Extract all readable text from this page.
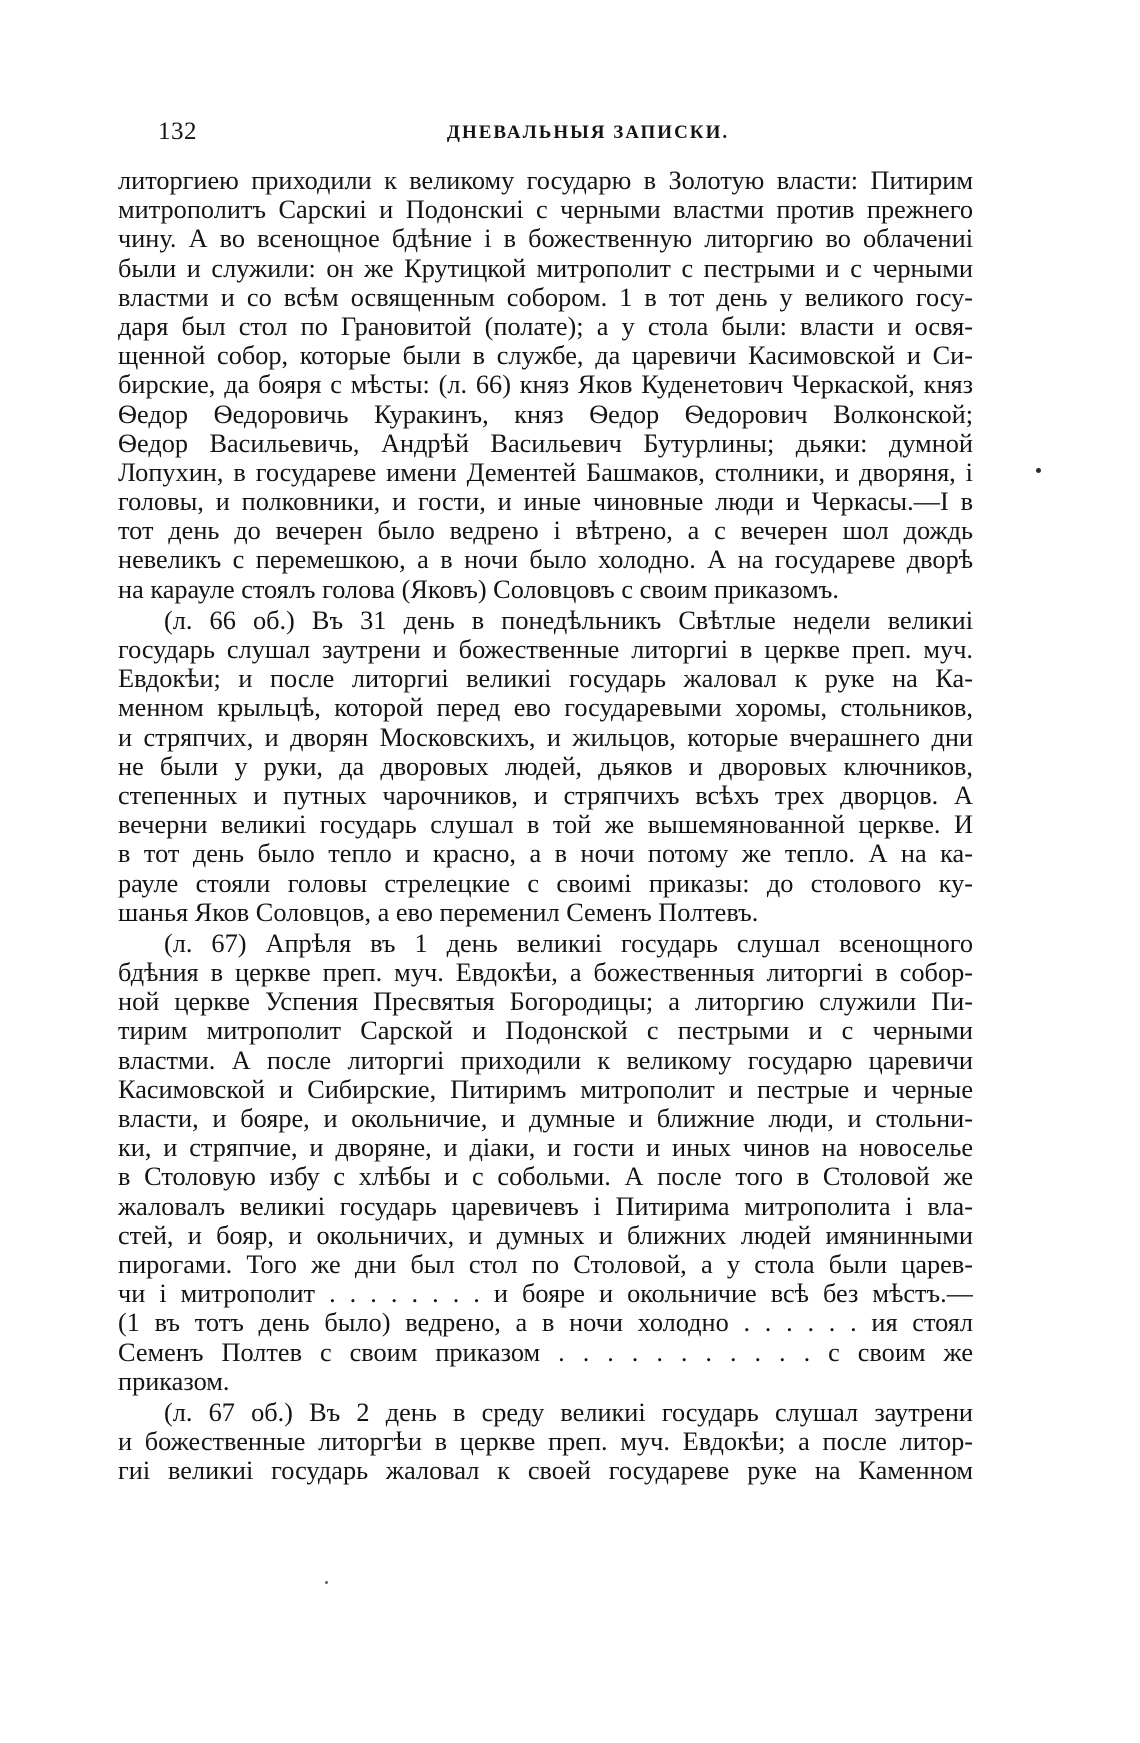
132	ДНЕВАЛЬНЫЯ ЗАПИСКИ.
литоргиею приходили к великому государю в Золотую власти: Питирим
митрополитъ Сарскиі и Подонскиі с черными властми против прежнего
чину. А во всенощное бдѣние і в божественную литоргию во облачениі
были и служили: он же Крутицкой митрополит с пестрыми и с черными
властми и со всѣм освященным собором. 1 в тот день у великого госу-
даря был стол по Грановитой (полате); а у стола были: власти и освя-
щенной собор, которые были в службе, да царевичи Касимовской и Си-
бирские, да бояря с мѣсты: (л. 66) княз Яков Куденетович Черкаской, княз
Ѳедор Ѳедоровичь Куракинъ, княз Ѳедор Ѳедорович Волконской;
Ѳедор Васильевичь, Андрѣй Васильевич Бутурлины; дьяки: думной
Лопухин, в государеве имени Дементей Башмаков, столники, и дворяня, і
головы, и полковники, и гости, и иные чиновные люди и Черкасы.—І в
тот день до вечерен было ведрено і вѣтрено, а с вечерен шол дождь
невеликъ с перемешкою, а в ночи было холодно. А на государеве дворѣ
на карауле стоялъ голова (Яковъ) Соловцовъ с своим приказомъ.
(л. 66 об.) Въ 31 день в понедѣльникъ Свѣтлые недели великиі
государь слушал заутрени и божественные литоргиі в церкве преп. муч.
Евдокѣи; и после литоргиі великиі государь жаловал к руке на Ка-
менном крыльцѣ, которой перед ево государевыми хоромы, стольников,
и стряпчих, и дворян Московскихъ, и жильцов, которые вчерашнего дни
не были у руки, да дворовых людей, дьяков и дворовых ключников,
степенных и путных чарочников, и стряпчихъ всѣхъ трех дворцов. А
вечерни великиі государь слушал в той же вышемянованной церкве. И
в тот день было тепло и красно, а в ночи потому же тепло. А на ка-
рауле стояли головы стрелецкие с своимі приказы: до столового ку-
шанья Яков Соловцов, а ево переменил Семенъ Полтевъ.
(л. 67) Апрѣля въ 1 день великиі государь слушал всенощного
бдѣния в церкве преп. муч. Евдокѣи, а божественныя литоргиі в собор-
ной церкве Успения Пресвятыя Богородицы; а литоргию служили Пи-
тирим митрополит Сарской и Подонской с пестрыми и с черными
властми. А после литоргиі приходили к великому государю царевичи
Касимовской и Сибирские, Питиримъ митрополит и пестрые и черные
власти, и бояре, и окольничие, и думные и ближние люди, и стольни-
ки, и стряпчие, и дворяне, и діаки, и гости и иных чинов на новоселье
в Столовую избу с хлѣбы и с собольми. А после того в Столовой же
жаловалъ великиі государь царевичевъ і Питирима митрополита і вла-
стей, и бояр, и окольничих, и думных и ближних людей имянинными
пирогами. Того же дни был стол по Столовой, а у стола были царев-
чи і митрополит . . . . . . . . и бояре и окольничие всѣ без мѣстъ.—
(1 въ тотъ день было) ведрено, а в ночи холодно . . . . . . ия стоял
Семенъ Полтев с своим приказом . . . . . . . . . . . с своим же
приказом.
(л. 67 об.) Въ 2 день в среду великиі государь слушал заутрени
и божественные литоргѣи в церкве преп. муч. Евдокѣи; а после литор-
гиі великиі государь жаловал к своей государеве руке на Каменном
